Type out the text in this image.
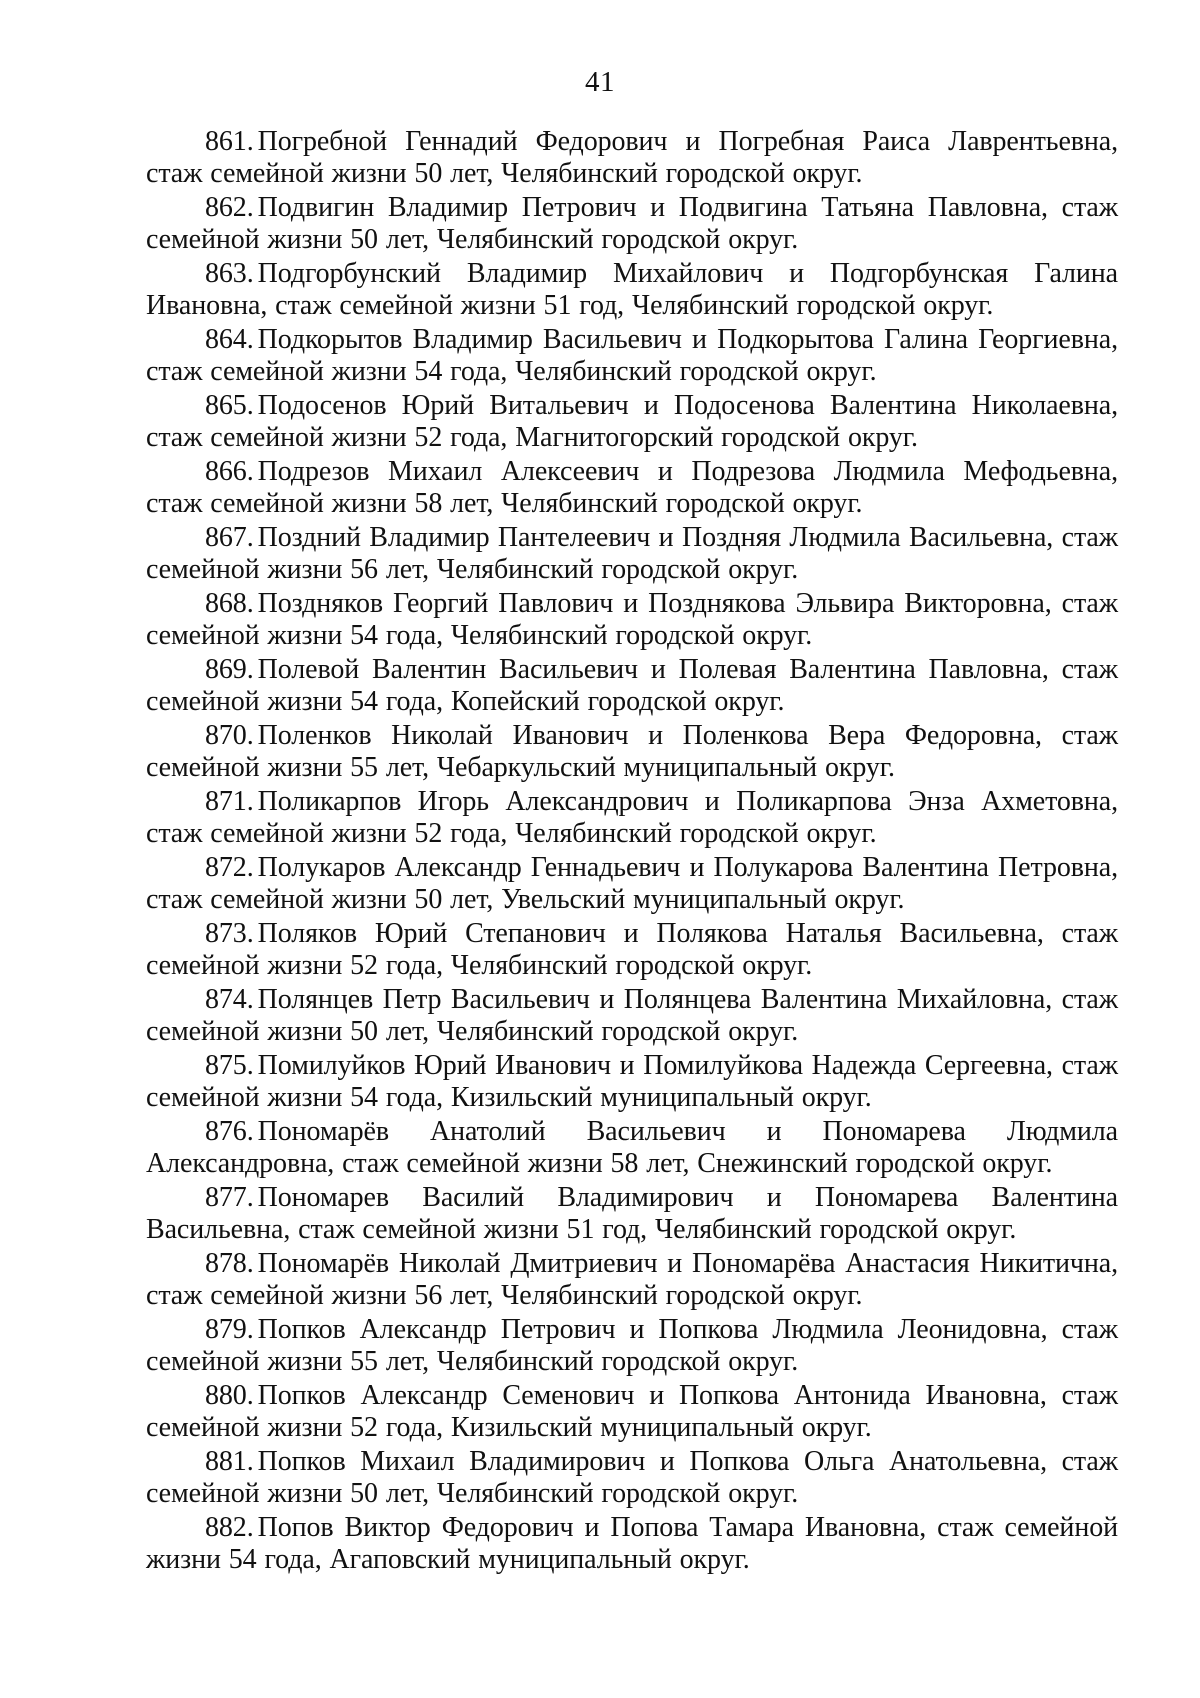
41
861. Погребной Геннадий Федорович и Погребная Раиса Лаврентьевна, стаж семейной жизни 50 лет, Челябинский городской округ.
862. Подвигин Владимир Петрович и Подвигина Татьяна Павловна, стаж семейной жизни 50 лет, Челябинский городской округ.
863. Подгорбунский Владимир Михайлович и Подгорбунская Галина Ивановна, стаж семейной жизни 51 год, Челябинский городской округ.
864. Подкорытов Владимир Васильевич и Подкорытова Галина Георгиевна, стаж семейной жизни 54 года, Челябинский городской округ.
865. Подосенов Юрий Витальевич и Подосенова Валентина Николаевна, стаж семейной жизни 52 года, Магнитогорский городской округ.
866. Подрезов Михаил Алексеевич и Подрезова Людмила Мефодьевна, стаж семейной жизни 58 лет, Челябинский городской округ.
867. Поздний Владимир Пантелеевич и Поздняя Людмила Васильевна, стаж семейной жизни 56 лет, Челябинский городской округ.
868. Поздняков Георгий Павлович и Позднякова Эльвира Викторовна, стаж семейной жизни 54 года, Челябинский городской округ.
869. Полевой Валентин Васильевич и Полевая Валентина Павловна, стаж семейной жизни 54 года, Копейский городской округ.
870. Поленков Николай Иванович и Поленкова Вера Федоровна, стаж семейной жизни 55 лет, Чебаркульский муниципальный округ.
871. Поликарпов Игорь Александрович и Поликарпова Энза Ахметовна, стаж семейной жизни 52 года, Челябинский городской округ.
872. Полукаров Александр Геннадьевич и Полукарова Валентина Петровна, стаж семейной жизни 50 лет, Увельский муниципальный округ.
873. Поляков Юрий Степанович и Полякова Наталья Васильевна, стаж семейной жизни 52 года, Челябинский городской округ.
874. Полянцев Петр Васильевич и Полянцева Валентина Михайловна, стаж семейной жизни 50 лет, Челябинский городской округ.
875. Помилуйков Юрий Иванович и Помилуйкова Надежда Сергеевна, стаж семейной жизни 54 года, Кизильский муниципальный округ.
876. Пономарёв Анатолий Васильевич и Пономарева Людмила Александровна, стаж семейной жизни 58 лет, Снежинский городской округ.
877. Пономарев Василий Владимирович и Пономарева Валентина Васильевна, стаж семейной жизни 51 год, Челябинский городской округ.
878. Пономарёв Николай Дмитриевич и Пономарёва Анастасия Никитична, стаж семейной жизни 56 лет, Челябинский городской округ.
879. Попков Александр Петрович и Попкова Людмила Леонидовна, стаж семейной жизни 55 лет, Челябинский городской округ.
880. Попков Александр Семенович и Попкова Антонида Ивановна, стаж семейной жизни 52 года, Кизильский муниципальный округ.
881. Попков Михаил Владимирович и Попкова Ольга Анатольевна, стаж семейной жизни 50 лет, Челябинский городской округ.
882. Попов Виктор Федорович и Попова Тамара Ивановна, стаж семейной жизни 54 года, Агаповский муниципальный округ.
